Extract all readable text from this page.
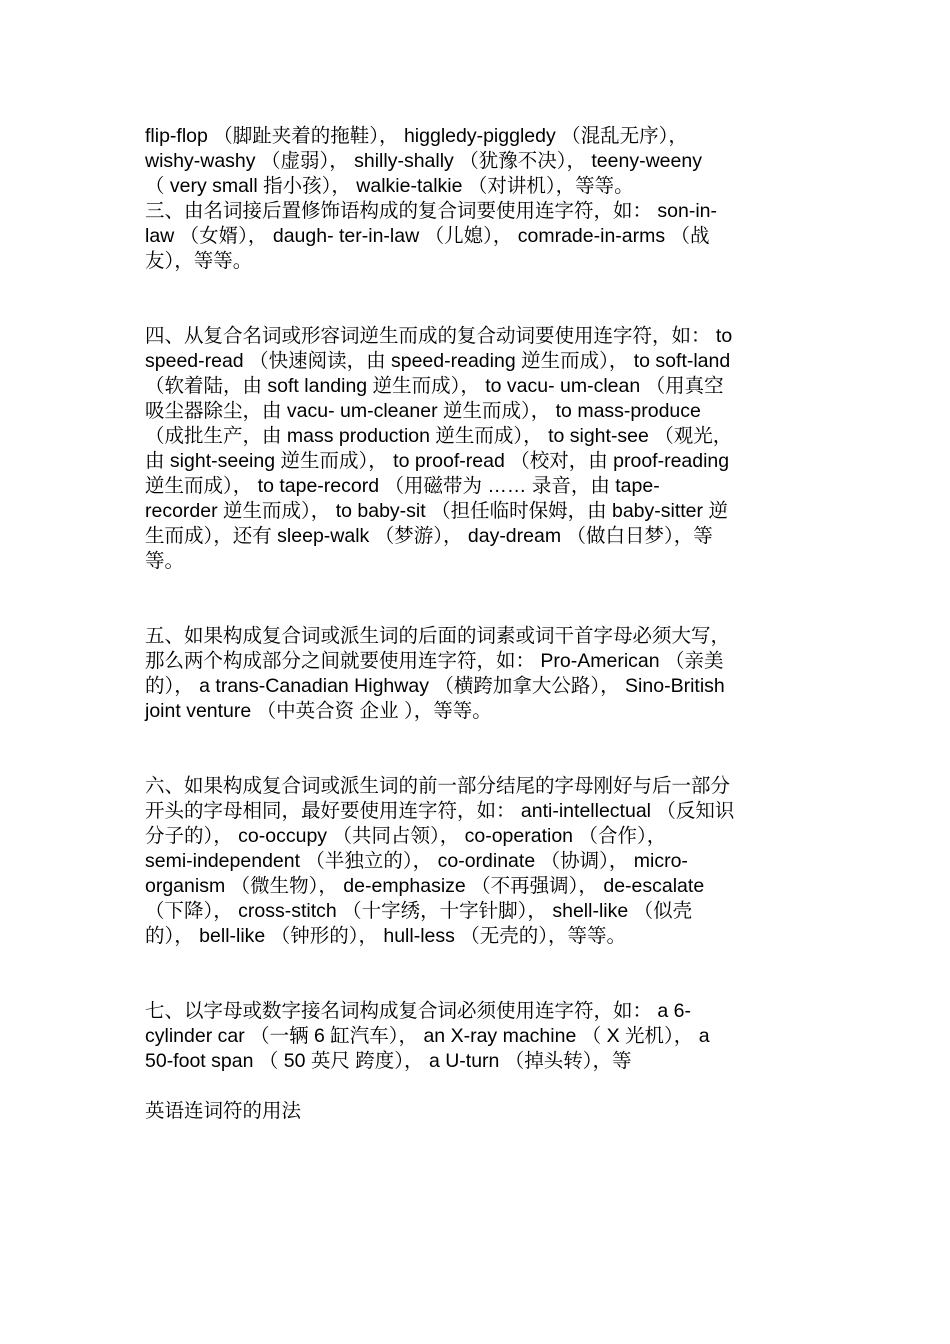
flip-flop （脚趾夹着的拖鞋）， higgledy-piggledy （混乱无序），
wishy-washy （虚弱）， shilly-shally （犹豫不决）， teeny-weeny
（ very small 指小孩）， walkie-talkie （对讲机），等等。
三、由名词接后置修饰语构成的复合词要使用连字符，如： son-in-
law （女婿）， daugh- ter-in-law （儿媳）， comrade-in-arms （战
友），等等。

四、从复合名词或形容词逆生而成的复合动词要使用连字符，如： to
speed-read （快速阅读，由 speed-reading 逆生而成）， to soft-land
（软着陆，由 soft landing 逆生而成）， to vacu- um-clean （用真空
吸尘器除尘，由 vacu- um-cleaner 逆生而成）， to mass-produce
（成批生产，由 mass production 逆生而成）， to sight-see （观光，
由 sight-seeing 逆生而成）， to proof-read （校对，由 proof-reading
逆生而成）， to tape-record （用磁带为 …… 录音，由 tape-
recorder 逆生而成）， to baby-sit （担任临时保姆，由 baby-sitter 逆
生而成），还有 sleep-walk （梦游）， day-dream （做白日梦），等
等。

五、如果构成复合词或派生词的后面的词素或词干首字母必须大写，
那么两个构成部分之间就要使用连字符，如： Pro-American （亲美
的）， a trans-Canadian Highway （横跨加拿大公路）， Sino-British
joint venture （中英合资 企业 ），等等。

六、如果构成复合词或派生词的前一部分结尾的字母刚好与后一部分
开头的字母相同，最好要使用连字符，如： anti-intellectual （反知识
分子的）， co-occupy （共同占领）， co-operation （合作），
semi-independent （半独立的）， co-ordinate （协调）， micro-
organism （微生物）， de-emphasize （不再强调）， de-escalate
（下降）， cross-stitch （十字绣，十字针脚）， shell-like （似壳
的）， bell-like （钟形的）， hull-less （无壳的），等等。

七、以字母或数字接名词构成复合词必须使用连字符，如： a 6-
cylinder car （一辆 6 缸汽车）， an X-ray machine （ X 光机）， a
50-foot span （ 50 英尺 跨度）， a U-turn （掉头转），等

英语连词符的用法
